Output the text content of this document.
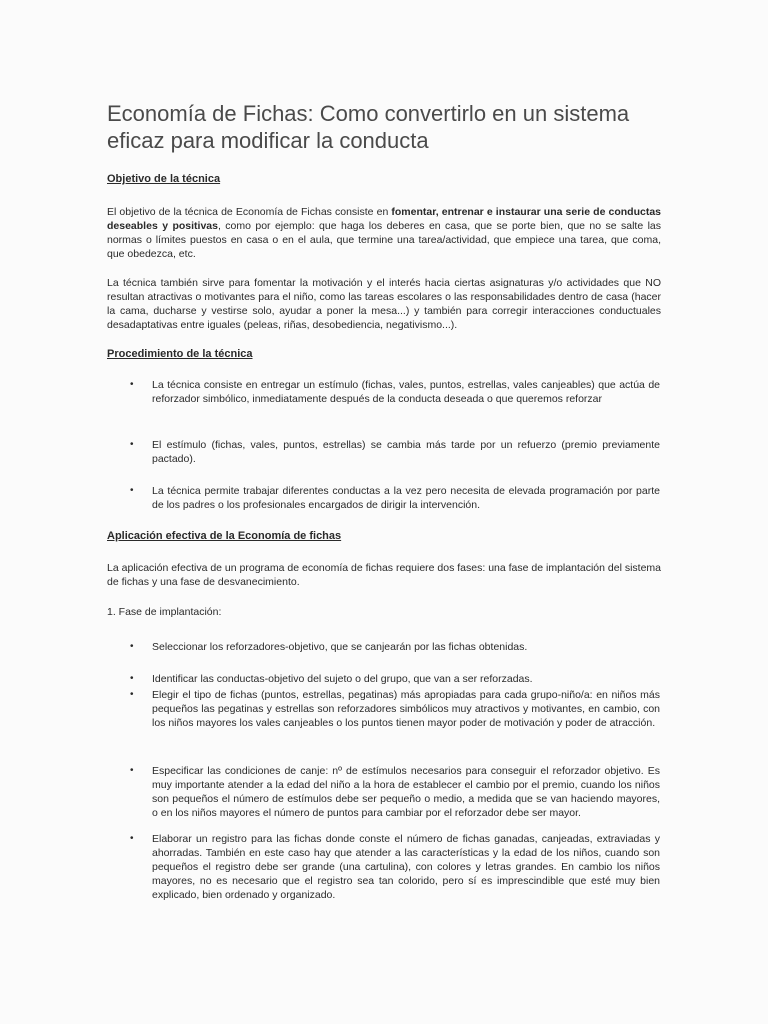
Economía de Fichas: Como convertirlo en un sistema eficaz para modificar la conducta
Objetivo de la técnica

El objetivo de la técnica de Economía de Fichas consiste en fomentar, entrenar e instaurar una serie de conductas deseables y positivas, como por ejemplo: que haga los deberes en casa, que se porte bien, que no se salte las normas o límites puestos en casa o en el aula, que termine una tarea/actividad, que empiece una tarea, que coma, que obedezca, etc.

La técnica también sirve para fomentar la motivación y el interés hacia ciertas asignaturas y/o actividades que NO resultan atractivas o motivantes para el niño, como las tareas escolares o las responsabilidades dentro de casa (hacer la cama, ducharse y vestirse solo, ayudar a poner la mesa...) y también para corregir interacciones conductuales desadaptativas entre iguales (peleas, riñas, desobediencia, negativismo...).

Procedimiento de la técnica
• La técnica consiste en entregar un estímulo (fichas, vales, puntos, estrellas, vales canjeables) que actúa de reforzador simbólico, inmediatamente después de la conducta deseada o que queremos reforzar

• El estímulo (fichas, vales, puntos, estrellas) se cambia más tarde por un refuerzo (premio previamente pactado).

• La técnica permite trabajar diferentes conductas a la vez pero necesita de elevada programación por parte de los padres o los profesionales encargados de dirigir la intervención.

Aplicación efectiva de la Economía de fichas

La aplicación efectiva de un programa de economía de fichas requiere dos fases: una fase de implantación del sistema de fichas y una fase de desvanecimiento.

1. Fase de implantación:

• Seleccionar los reforzadores-objetivo, que se canjearán por las fichas obtenidas.

• Identificar las conductas-objetivo del sujeto o del grupo, que van a ser reforzadas.

• Elegir el tipo de fichas (puntos, estrellas, pegatinas) más apropiadas para cada grupo-niño/a: en niños más pequeños las pegatinas y estrellas son reforzadores simbólicos muy atractivos y motivantes, en cambio, con los niños mayores los vales canjeables o los puntos tienen mayor poder de motivación y poder de atracción.

• Especificar las condiciones de canje: nº de estímulos necesarios para conseguir el reforzador objetivo. Es muy importante atender a la edad del niño a la hora de establecer el cambio por el premio, cuando los niños son pequeños el número de estímulos debe ser pequeño o medio, a medida que se van haciendo mayores, o en los niños mayores el número de puntos para cambiar por el reforzador debe ser mayor.

• Elaborar un registro para las fichas donde conste el número de fichas ganadas, canjeadas, extraviadas y ahorradas. También en este caso hay que atender a las características y la edad de los niños, cuando son pequeños el registro debe ser grande (una cartulina), con colores y letras grandes. En cambio los niños mayores, no es necesario que el registro sea tan colorido, pero sí es imprescindible que esté muy bien explicado, bien ordenado y organizado.
